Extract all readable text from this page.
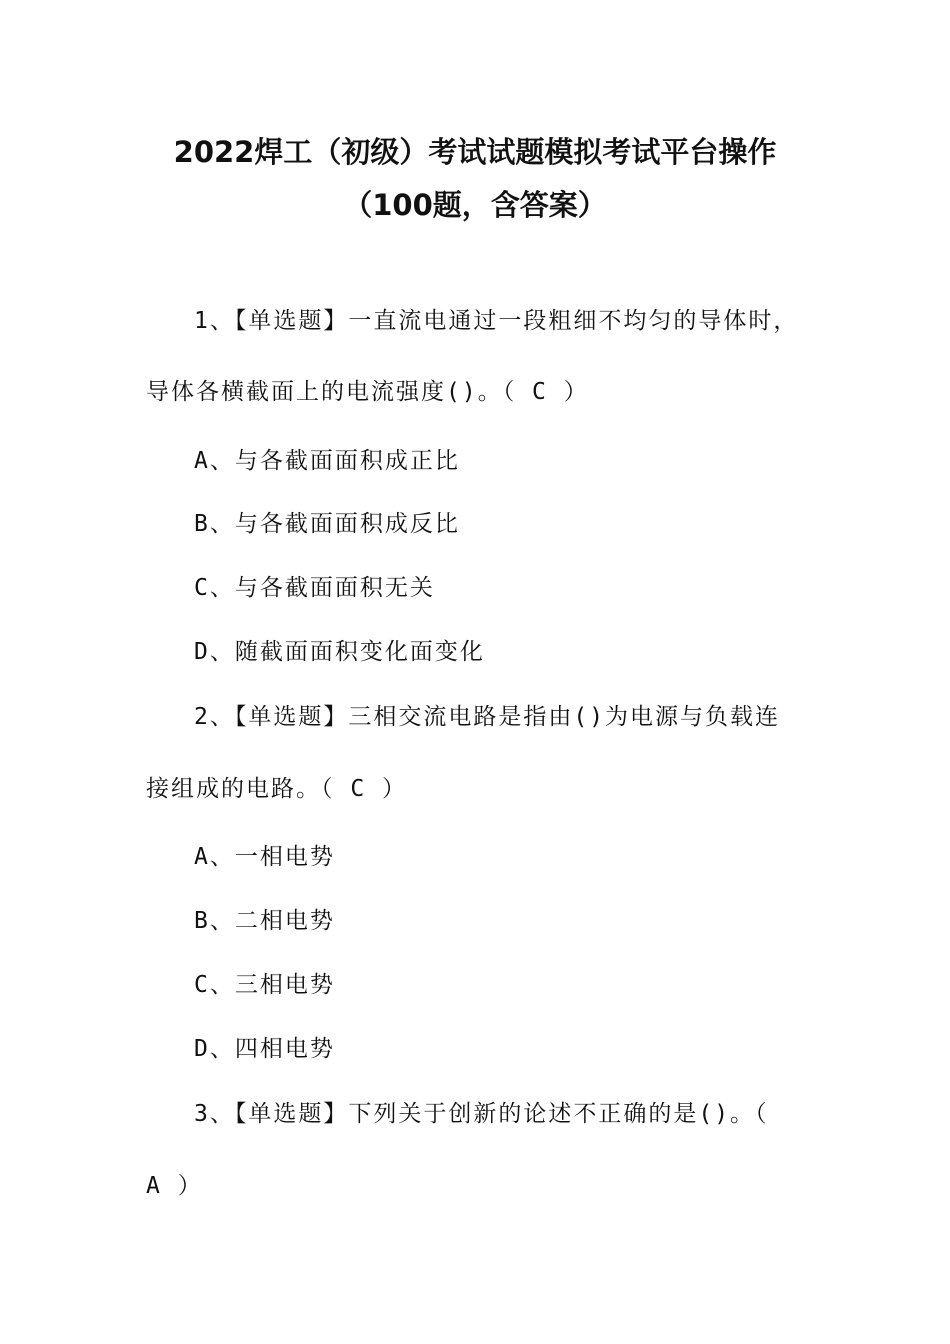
2022焊工（初级）考试试题模拟考试平台操作
（100题，含答案）
1、【单选题】一直流电通过一段粗细不均匀的导体时，
导体各横截面上的电流强度()。（ C ）
A、与各截面面积成正比
B、与各截面面积成反比
C、与各截面面积无关
D、随截面面积变化面变化
2、【单选题】三相交流电路是指由()为电源与负载连
接组成的电路。（ C ）
A、一相电势
B、二相电势
C、三相电势
D、四相电势
3、【单选题】下列关于创新的论述不正确的是()。（
A ）
